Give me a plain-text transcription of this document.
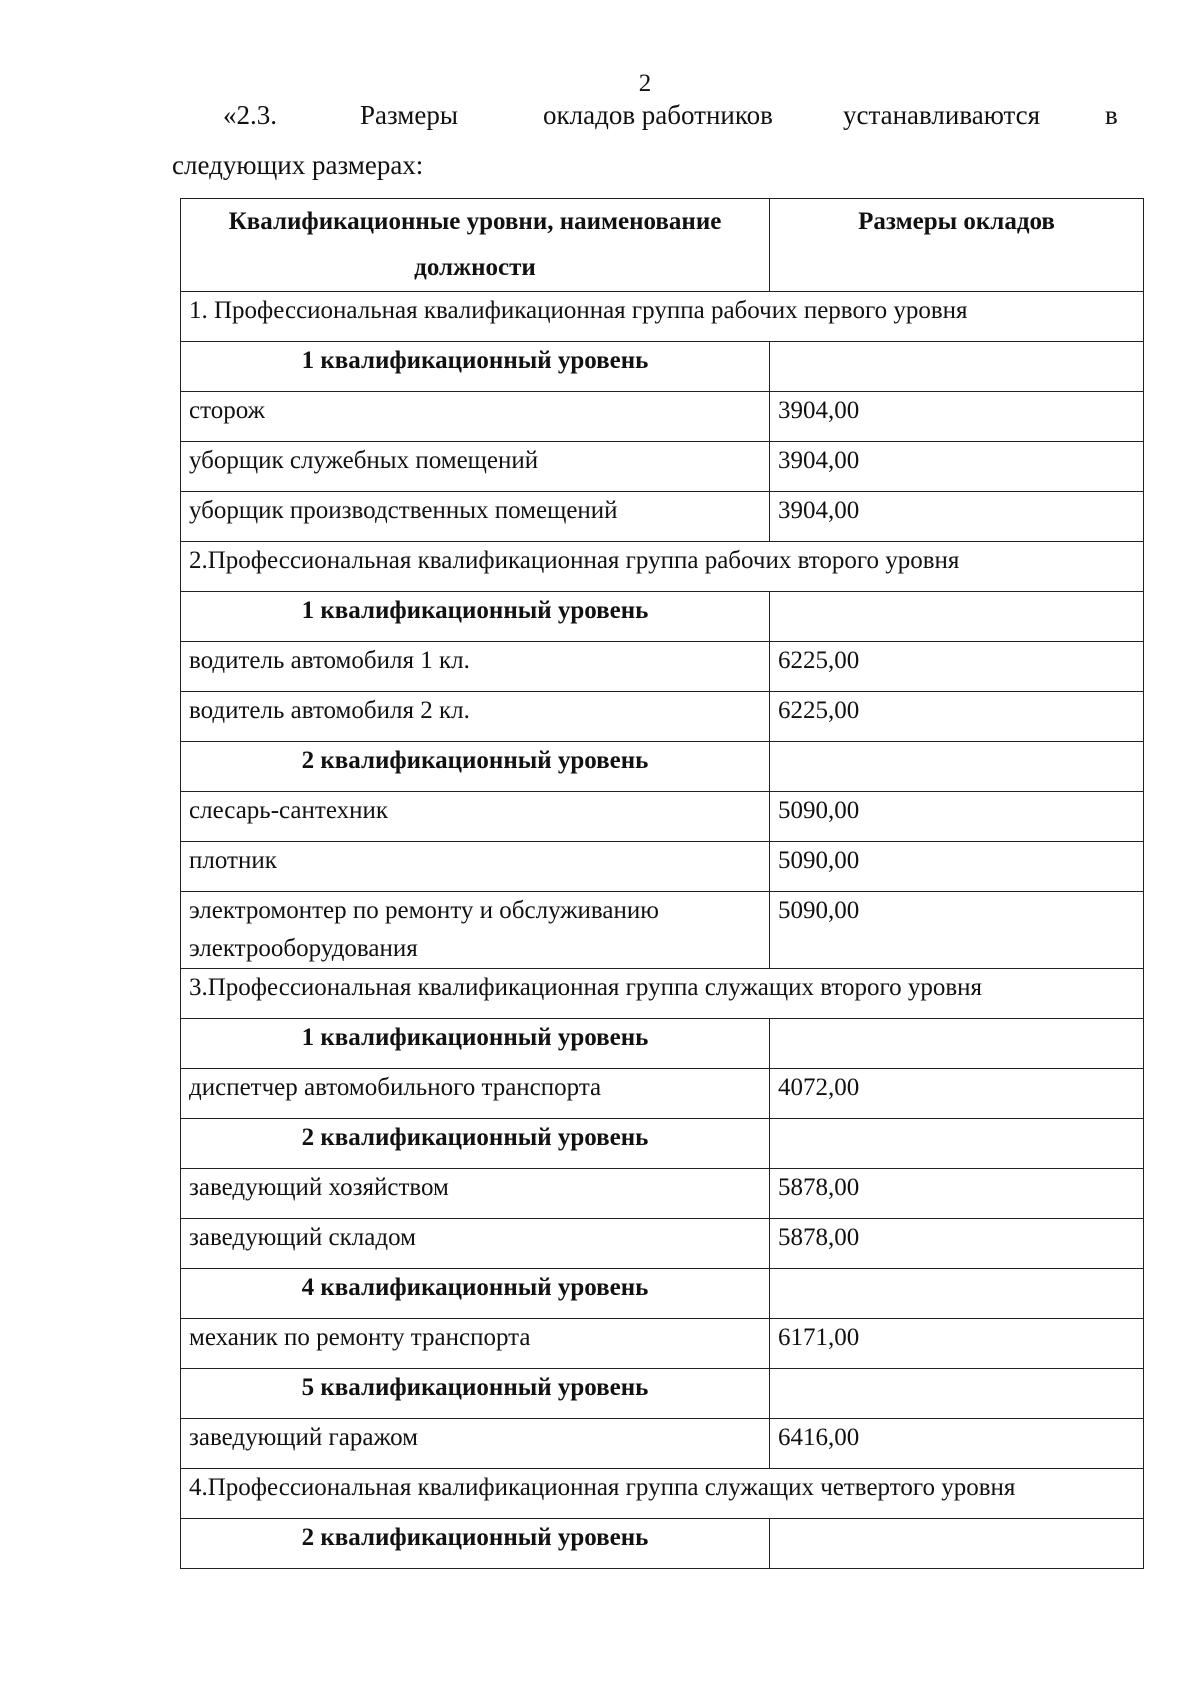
2
«2.3.	Размеры	окладов работников	устанавливаются в
следующих размерах:
Квалификационные уровни, наименование должности	Размеры окладов
1. Профессиональная квалификационная группа рабочих первого уровня	
1 квалификационный уровень	
сторож	3904,00
уборщик служебных помещений	3904,00
уборщик производственных помещений	3904,00
2.Профессиональная квалификационная группа рабочих второго уровня	
1 квалификационный уровень	
водитель автомобиля 1 кл.	6225,00
водитель автомобиля 2 кл.	6225,00
2 квалификационный уровень	
слесарь-сантехник	5090,00
плотник	5090,00
электромонтер по ремонту и обслуживанию электрооборудования	5090,00
3.Профессиональная квалификационная группа служащих второго уровня	
1 квалификационный уровень	
диспетчер автомобильного транспорта	4072,00
2 квалификационный уровень	
заведующий хозяйством	5878,00
заведующий складом	5878,00
4 квалификационный уровень	
механик по ремонту транспорта	6171,00
5 квалификационный уровень	
заведующий гаражом	6416,00
4.Профессиональная квалификационная группа служащих четвертого уровня	
2 квалификационный уровень	
